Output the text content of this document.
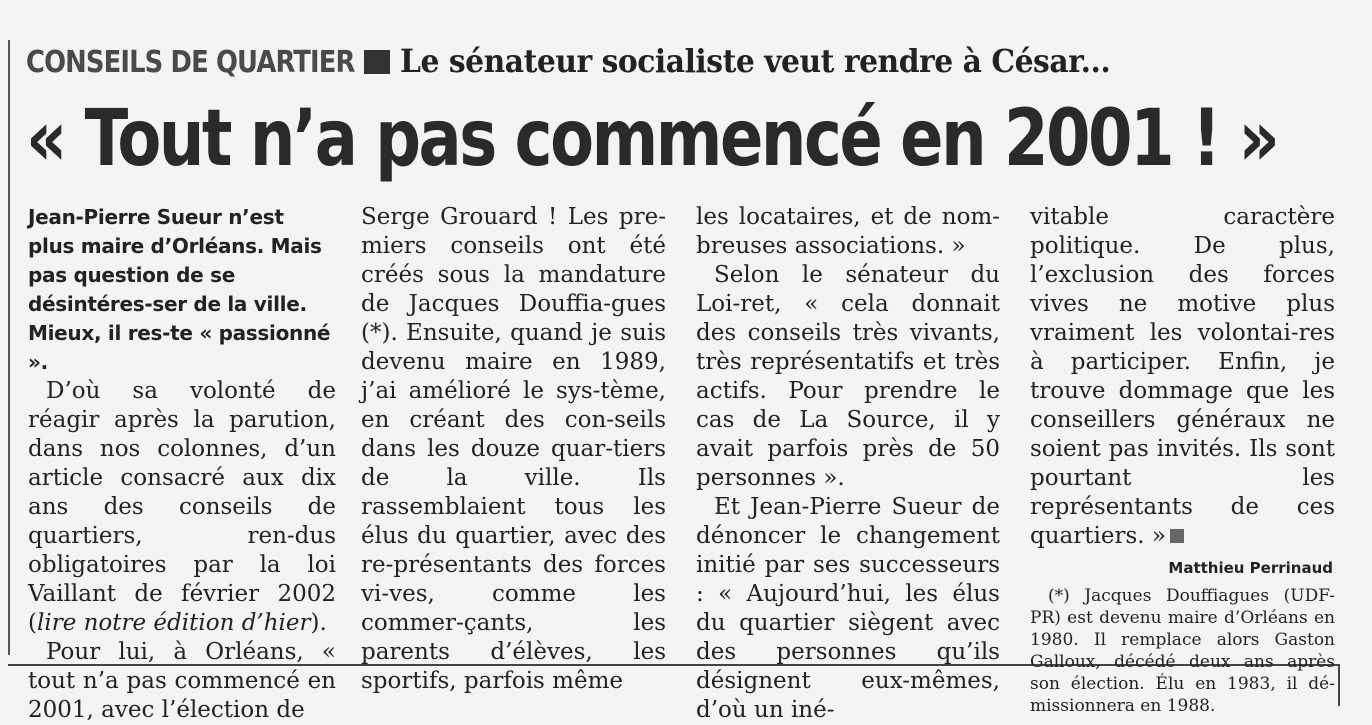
CONSEILS DE QUARTIER Le sénateur socialiste veut rendre à César...
« Tout n’a pas commencé en 2001 ! »

Jean-Pierre Sueur n’est plus maire d’Orléans. Mais pas question de se désintéres-ser de la ville. Mieux, il res-te « passionné ».

D’où sa volonté de réagir après la parution, dans nos colonnes, d’un article consacré aux dix ans des conseils de quartiers, ren-dus obligatoires par la loi Vaillant de février 2002 (lire notre édition d’hier).

Pour lui, à Orléans, « tout n’a pas commencé en 2001, avec l’élection de

Serge Grouard ! Les pre-miers conseils ont été créés sous la mandature de Jacques Douffia-gues (*). Ensuite, quand je suis devenu maire en 1989, j’ai amélioré le sys-tème, en créant des con-seils dans les douze quar-tiers de la ville. Ils rassemblaient tous les élus du quartier, avec des re-présentants des forces vi-ves, comme les commer-çants, les parents d’élèves, les sportifs, parfois même

les locataires, et de nom-breuses associations. »

Selon le sénateur du Loi-ret, « cela donnait des conseils très vivants, très représentatifs et très actifs. Pour prendre le cas de La Source, il y avait parfois près de 50 personnes ».

Et Jean-Pierre Sueur de dénoncer le changement initié par ses successeurs : « Aujourd’hui, les élus du quartier siègent avec des personnes qu’ils désignent eux-mêmes, d’où un iné-

vitable caractère politique. De plus, l’exclusion des forces vives ne motive plus vraiment les volontai-res à participer. Enfin, je trouve dommage que les conseillers généraux ne soient pas invités. Ils sont pourtant les représentants de ces quartiers. »

Matthieu Perrinaud

(*) Jacques Douffiagues (UDF-PR) est devenu maire d’Orléans en 1980. Il remplace alors Gaston Galloux, décédé deux ans après son élection. Élu en 1983, il dé-missionnera en 1988.
